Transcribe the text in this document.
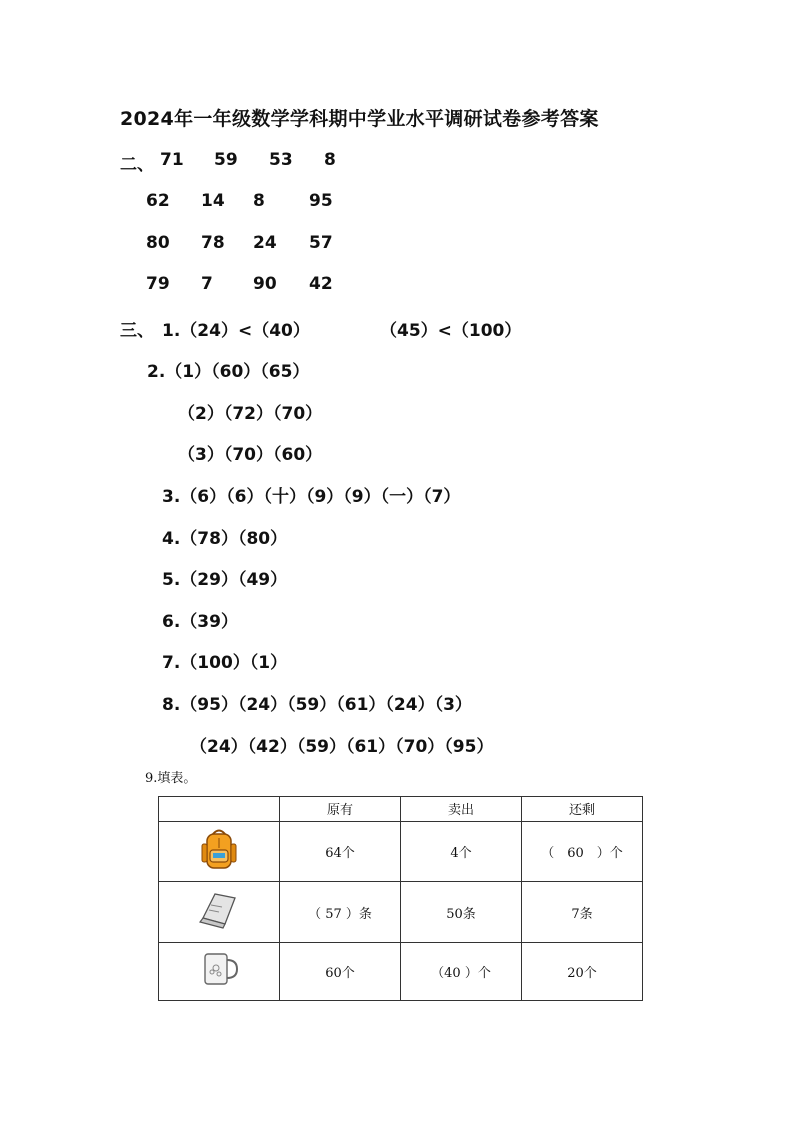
2024年一年级数学学科期中学业水平调研试卷参考答案
二、 71 59 53 8
62 14 8	95
80 78 24 57
79 7 90 42
三、 1.（24）<（40）	（45）<（100）
2.（1）（60）（65）
（2）（72）（70）
（3）（70）（60）
3.（6）（6）（十）（9）（9）（一）（7）
4.（78）（80）
5.（29）（49）
6.（39）
7.（100）（1）
8.（95）（24）（59）（61）（24）（3）
（24）（42）（59）（61）（70）（95）
9.填表。
	原有	卖出	还剩
	64个	4个	（　60　）个
	（ 57 ）条	50条	7条
	60个	（40 ）个	20个
